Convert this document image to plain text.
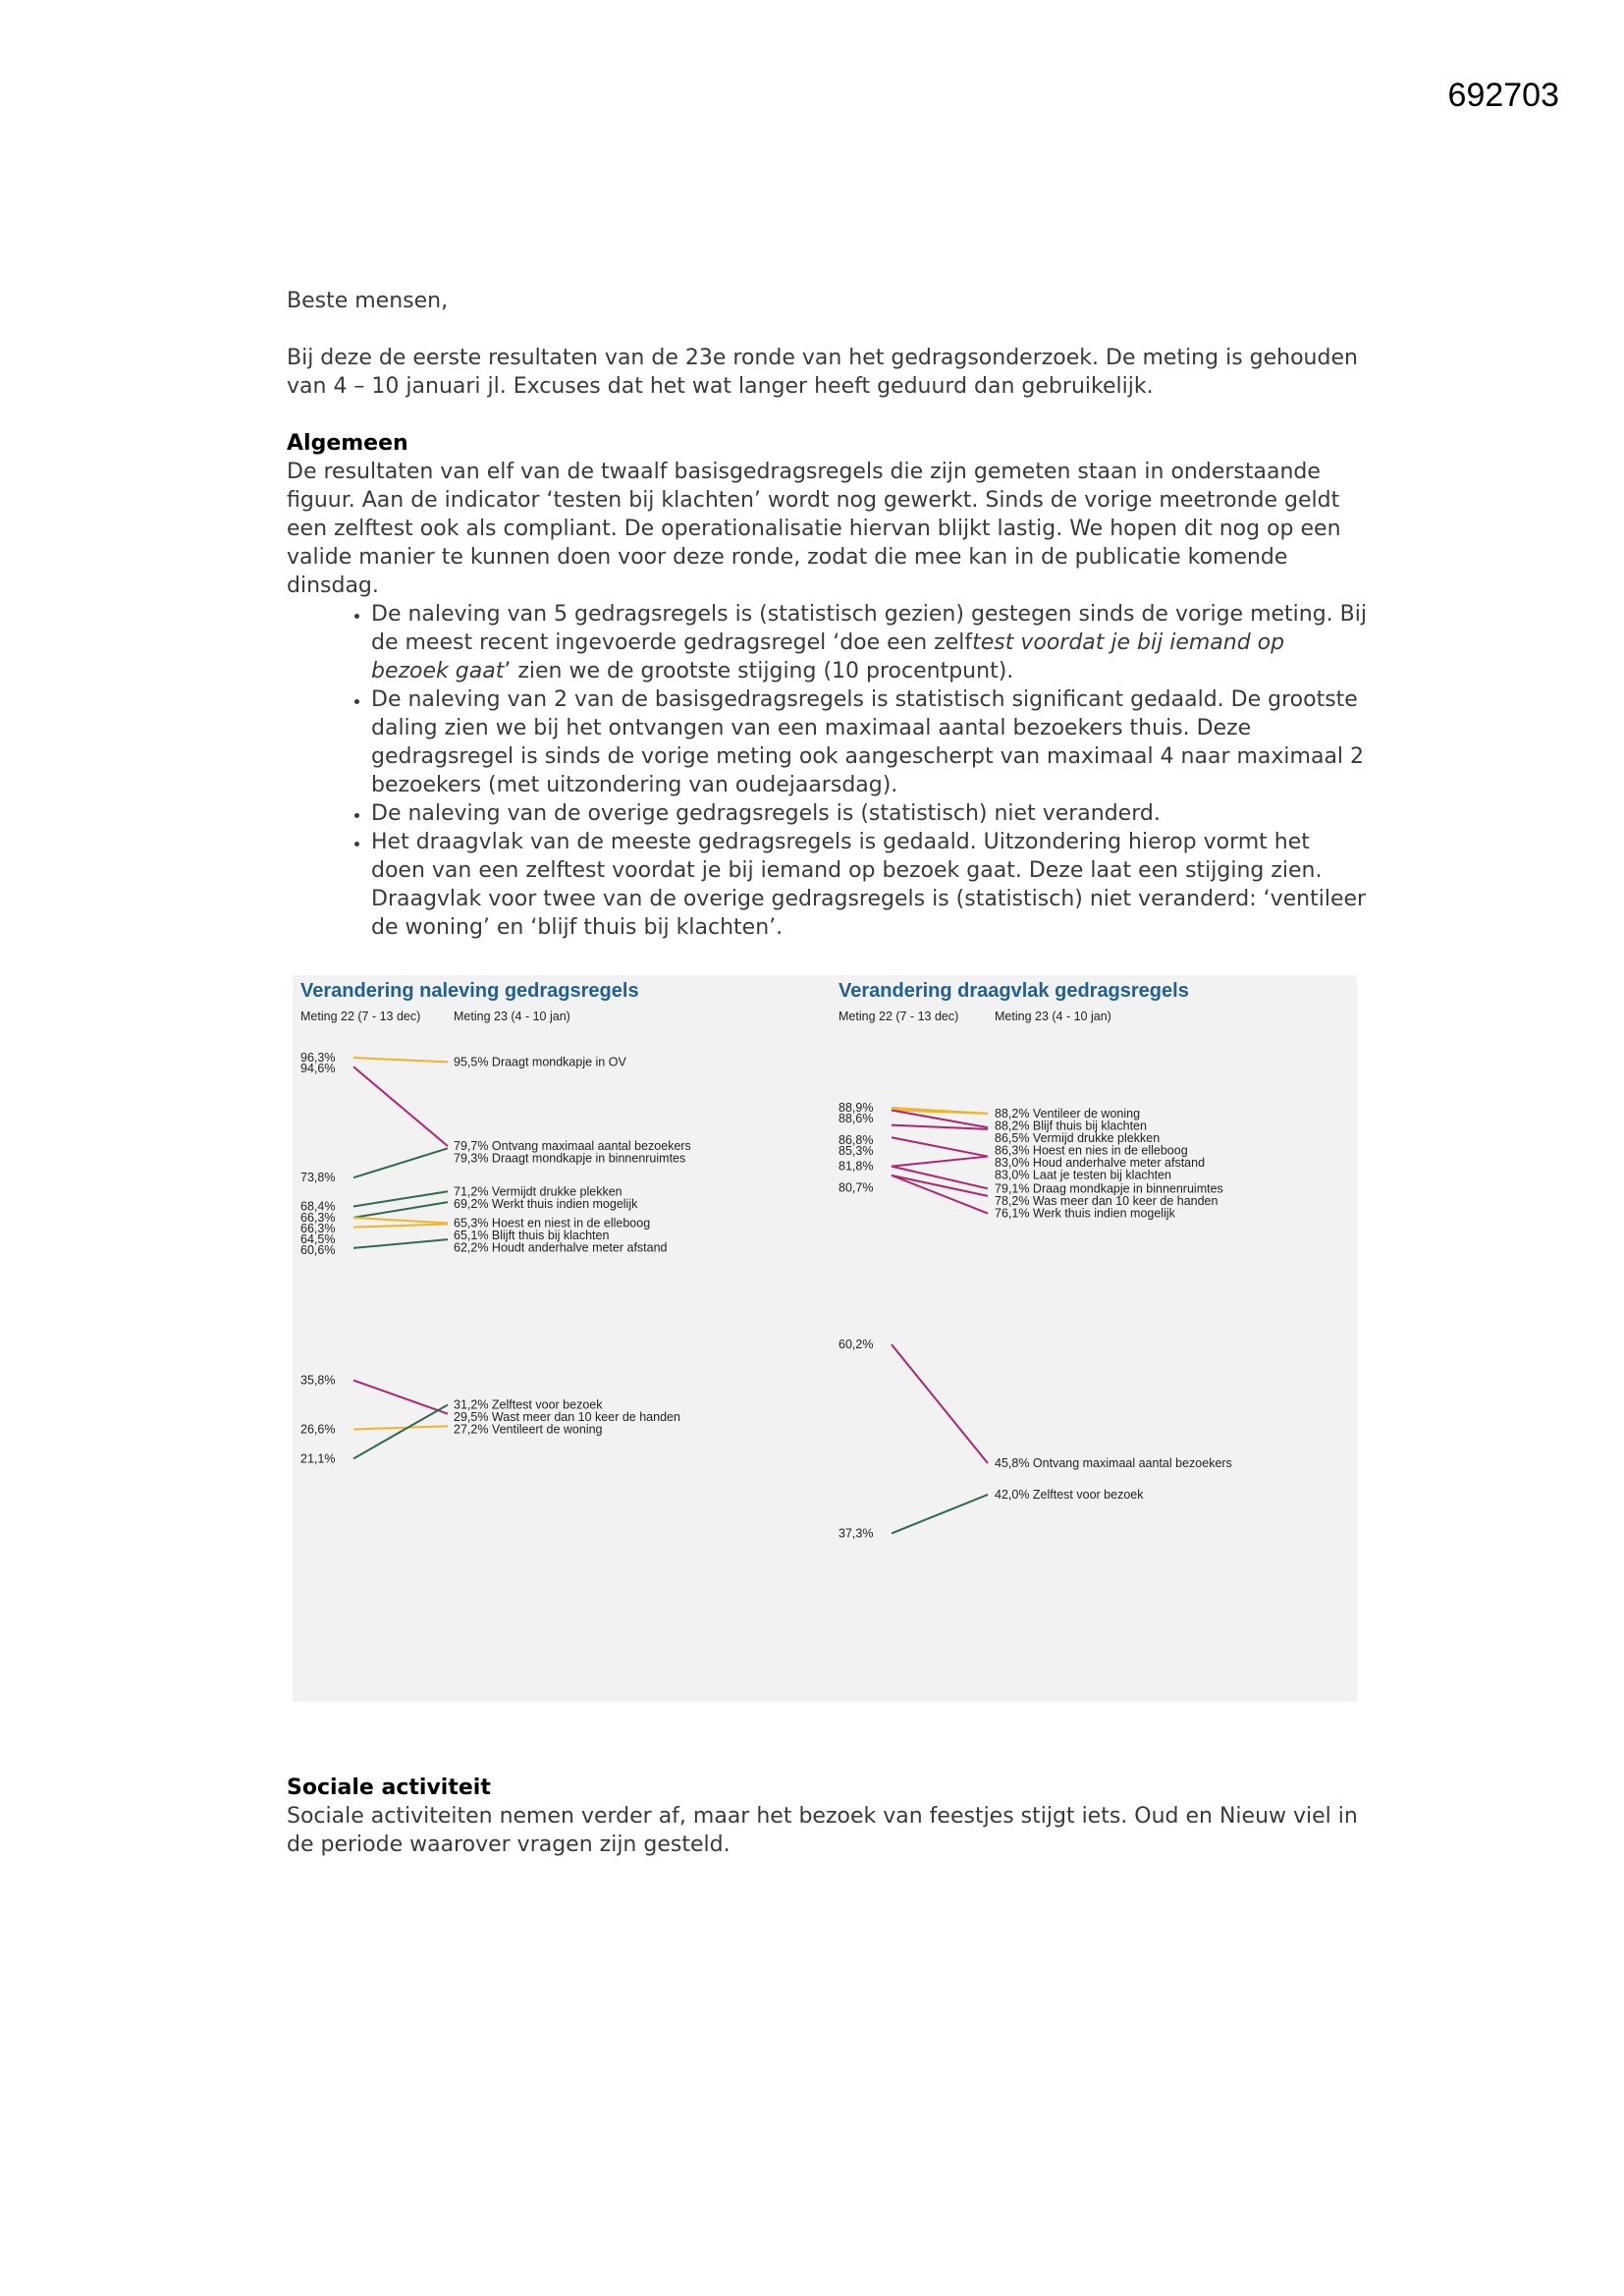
692703

Beste mensen,

Bij deze de eerste resultaten van de 23e ronde van het gedragsonderzoek. De meting is gehouden van 4 – 10 januari jl. Excuses dat het wat langer heeft geduurd dan gebruikelijk.

Algemeen

De resultaten van elf van de twaalf basisgedragsregels die zijn gemeten staan in onderstaande figuur. Aan de indicator ‘testen bij klachten’ wordt nog gewerkt. Sinds de vorige meetronde geldt een zelftest ook als compliant. De operationalisatie hiervan blijkt lastig. We hopen dit nog op een valide manier te kunnen doen voor deze ronde, zodat die mee kan in de publicatie komende dinsdag.

• De naleving van 5 gedragsregels is (statistisch gezien) gestegen sinds de vorige meting. Bij de meest recent ingevoerde gedragsregel ‘doe een zelftest voordat je bij iemand op bezoek gaat’ zien we de grootste stijging (10 procentpunt).
• De naleving van 2 van de basisgedragsregels is statistisch significant gedaald. De grootste daling zien we bij het ontvangen van een maximaal aantal bezoekers thuis. Deze gedragsregel is sinds de vorige meting ook aangescherpt van maximaal 4 naar maximaal 2 bezoekers (met uitzondering van oudejaarsdag).
• De naleving van de overige gedragsregels is (statistisch) niet veranderd.
• Het draagvlak van de meeste gedragsregels is gedaald. Uitzondering hierop vormt het doen van een zelftest voordat je bij iemand op bezoek gaat. Deze laat een stijging zien. Draagvlak voor twee van de overige gedragsregels is (statistisch) niet veranderd: ‘ventileer de woning’ en ‘blijf thuis bij klachten’.
Verandering naleving gedragsregels
Meting 22 (7 - 13 dec)	Meting 23 (4 - 10 jan)
96,3%	95,5% Draagt mondkapje in OV
94,6%
79,7% Ontvang maximaal aantal bezoekers
73,8%
79,3% Draagt mondkapje in binnenruimtes
68,4%
71,2% Vermijdt drukke plekken
66,3%
69,2% Werkt thuis indien mogelijk
66,3%	65,3% Hoest en niest in de elleboog
64,5%	65,1% Blijft thuis bij klachten
60,6%	62,2% Houdt anderhalve meter afstand
35,8%
29,5% Wast meer dan 10 keer de handen
26,6%	27,2% Ventileert de woning
21,1%
31,2% Zelftest voor bezoek
Verandering draagvlak gedragsregels
Meting 22 (7 - 13 dec)	Meting 23 (4 - 10 jan)
88,9%	88,2% Ventileer de woning
88,6%
88,2% Blijf thuis bij klachten
86,5% Vermijd drukke plekken
86,8%
86,3% Hoest en nies in de elleboog
85,3%
83,0% Houd anderhalve meter afstand
81,8%
83,0% Laat je testen bij klachten
79,1% Draag mondkapje in binnenruimtes
80,7%
78,2% Was meer dan 10 keer de handen
76,1% Werk thuis indien mogelijk
60,2%
45,8% Ontvang maximaal aantal bezoekers
37,3%
42,0% Zelftest voor bezoek

Sociale activiteit

Sociale activiteiten nemen verder af, maar het bezoek van feestjes stijgt iets. Oud en Nieuw viel in de periode waarover vragen zijn gesteld.
